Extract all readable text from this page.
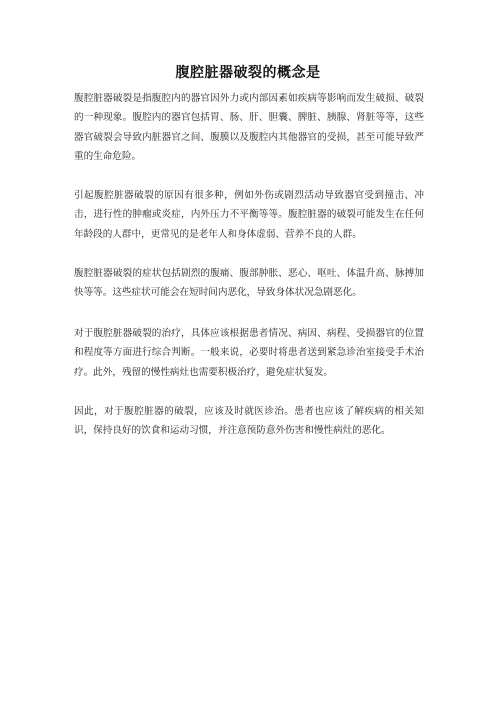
腹腔脏器破裂的概念是

腹腔脏器破裂是指腹腔内的器官因外力或内部因素如疾病等影响而发生破损、破裂的一种现象。腹腔内的器官包括胃、肠、肝、胆囊、脾脏、胰腺、肾脏等等，这些器官破裂会导致内脏器官之间、腹膜以及腹腔内其他器官的受损，甚至可能导致严重的生命危险。

引起腹腔脏器破裂的原因有很多种，例如外伤或剧烈活动导致器官受到撞击、冲击，进行性的肿瘤或炎症，内外压力不平衡等等。腹腔脏器的破裂可能发生在任何年龄段的人群中，更常见的是老年人和身体虚弱、营养不良的人群。

腹腔脏器破裂的症状包括剧烈的腹痛、腹部肿胀、恶心、呕吐、体温升高、脉搏加快等等。这些症状可能会在短时间内恶化，导致身体状况急剧恶化。

对于腹腔脏器破裂的治疗，具体应该根据患者情况、病因、病程、受损器官的位置和程度等方面进行综合判断。一般来说，必要时将患者送到紧急诊治室接受手术治疗。此外，残留的慢性病灶也需要积极治疗，避免症状复发。

因此，对于腹腔脏器的破裂，应该及时就医诊治。患者也应该了解疾病的相关知识，保持良好的饮食和运动习惯，并注意预防意外伤害和慢性病灶的恶化。
